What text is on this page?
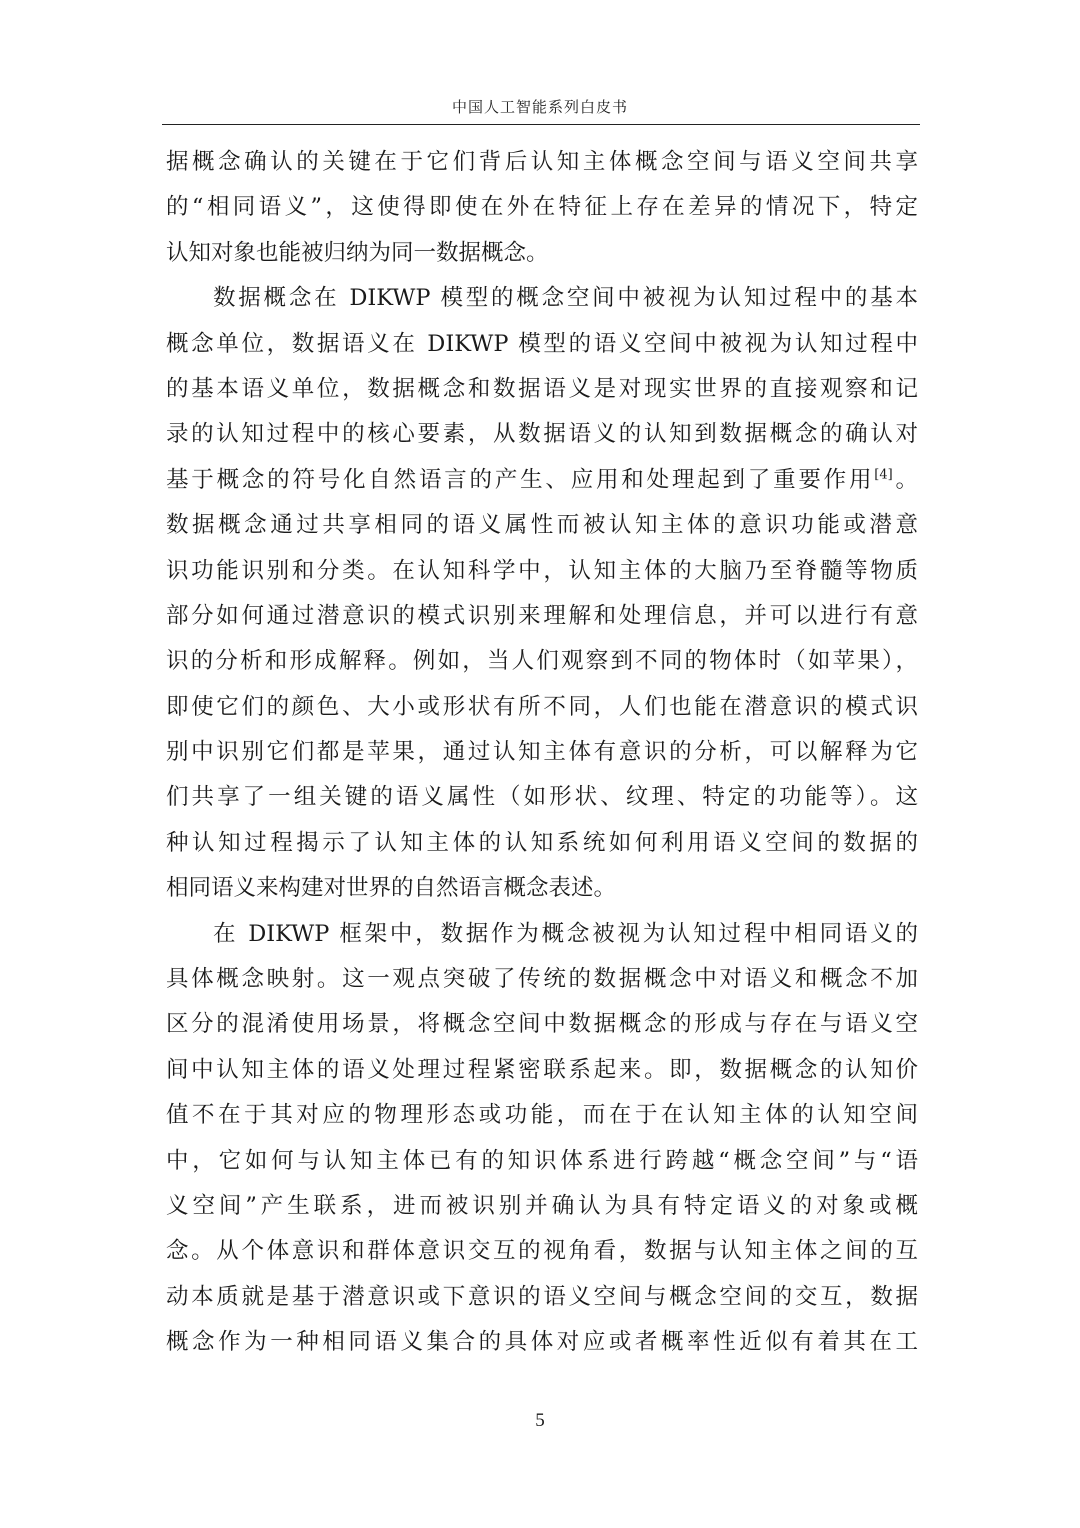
中国人工智能系列白皮书
据概念确认的关键在于它们背后认知主体概念空间与语义空间共享
的“相同语义”，这使得即使在外在特征上存在差异的情况下，特定
认知对象也能被归纳为同一数据概念。
数据概念在 DIKWP 模型的概念空间中被视为认知过程中的基本
概念单位，数据语义在 DIKWP 模型的语义空间中被视为认知过程中
的基本语义单位，数据概念和数据语义是对现实世界的直接观察和记
录的认知过程中的核心要素，从数据语义的认知到数据概念的确认对
基于概念的符号化自然语言的产生、应用和处理起到了重要作用[4]。
数据概念通过共享相同的语义属性而被认知主体的意识功能或潜意
识功能识别和分类。在认知科学中，认知主体的大脑乃至脊髓等物质
部分如何通过潜意识的模式识别来理解和处理信息，并可以进行有意
识的分析和形成解释。例如，当人们观察到不同的物体时（如苹果），
即使它们的颜色、大小或形状有所不同，人们也能在潜意识的模式识
别中识别它们都是苹果，通过认知主体有意识的分析，可以解释为它
们共享了一组关键的语义属性（如形状、纹理、特定的功能等）。这
种认知过程揭示了认知主体的认知系统如何利用语义空间的数据的
相同语义来构建对世界的自然语言概念表述。
在 DIKWP 框架中，数据作为概念被视为认知过程中相同语义的
具体概念映射。这一观点突破了传统的数据概念中对语义和概念不加
区分的混淆使用场景，将概念空间中数据概念的形成与存在与语义空
间中认知主体的语义处理过程紧密联系起来。即，数据概念的认知价
值不在于其对应的物理形态或功能，而在于在认知主体的认知空间
中，它如何与认知主体已有的知识体系进行跨越“概念空间”与“语
义空间”产生联系，进而被识别并确认为具有特定语义的对象或概
念。从个体意识和群体意识交互的视角看，数据与认知主体之间的互
动本质就是基于潜意识或下意识的语义空间与概念空间的交互，数据
概念作为一种相同语义集合的具体对应或者概率性近似有着其在工
5
